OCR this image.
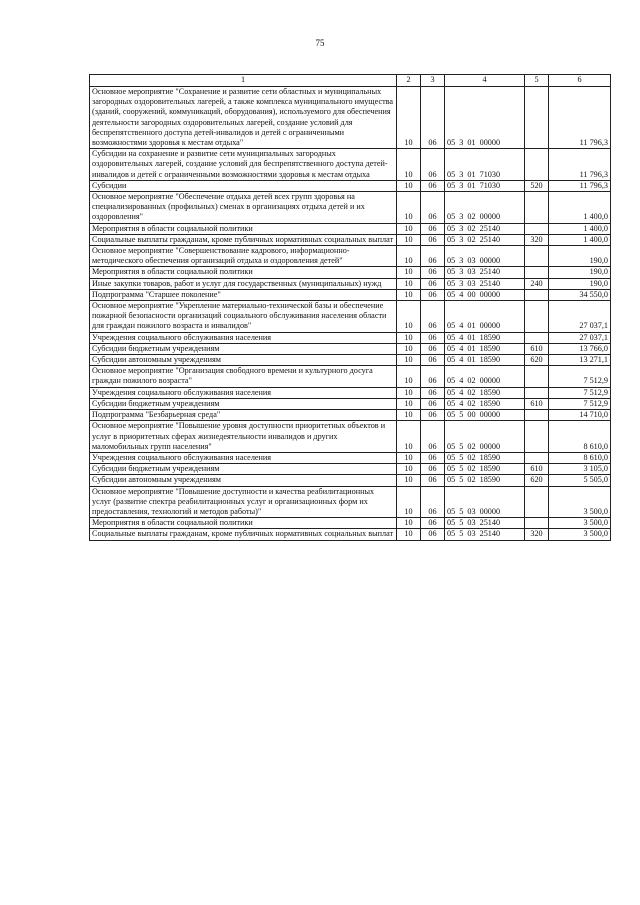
75
1	2	3	4	5	6
Основное мероприятие "Сохранение и развитие сети областных и муниципальных загородных оздоровительных лагерей, а также комплекса муниципального имущества (зданий, сооружений, коммуникаций, оборудования), используемого для обеспечения деятельности загородных оздоровительных лагерей, создание условий для беспрепятственного доступа детей-инвалидов и детей с ограниченными возможностями здоровья к местам отдыха"	10	06	05 3 01 00000		11 796,3
Субсидии на сохранение и развитие сети муниципальных загородных оздоровительных лагерей, создание условий для беспрепятственного доступа детей-инвалидов и детей с ограниченными возможностями здоровья к местам отдыха	10	06	05 3 01 71030		11 796,3
Субсидии	10	06	05 3 01 71030	520	11 796,3
Основное мероприятие "Обеспечение отдыха детей всех групп здоровья на специализированных (профильных) сменах в организациях отдыха детей и их оздоровления"	10	06	05 3 02 00000		1 400,0
Мероприятия в области социальной политики	10	06	05 3 02 25140		1 400,0
Социальные выплаты гражданам, кроме публичных нормативных социальных выплат	10	06	05 3 02 25140	320	1 400,0
Основное мероприятие "Совершенствование кадрового, информационно-методического обеспечения организаций отдыха и оздоровления детей"	10	06	05 3 03 00000		190,0
Мероприятия в области социальной политики	10	06	05 3 03 25140		190,0
Иные закупки товаров, работ и услуг для государственных (муниципальных) нужд	10	06	05 3 03 25140	240	190,0
Подпрограмма "Старшее поколение"	10	06	05 4 00 00000		34 550,0
Основное мероприятие "Укрепление материально-технической базы и обеспечение пожарной безопасности организаций социального обслуживания населения области для граждан пожилого возраста и инвалидов"	10	06	05 4 01 00000		27 037,1
Учреждения социального обслуживания населения	10	06	05 4 01 18590		27 037,1
Субсидии бюджетным учреждениям	10	06	05 4 01 18590	610	13 766,0
Субсидии автономным учреждениям	10	06	05 4 01 18590	620	13 271,1
Основное мероприятие "Организация свободного времени и культурного досуга граждан пожилого возраста"	10	06	05 4 02 00000		7 512,9
Учреждения социального обслуживания населения	10	06	05 4 02 18590		7 512,9
Субсидии бюджетным учреждениям	10	06	05 4 02 18590	610	7 512,9
Подпрограмма "Безбарьерная среда"	10	06	05 5 00 00000		14 710,0
Основное мероприятие "Повышение уровня доступности приоритетных объектов и услуг в приоритетных сферах жизнедеятельности инвалидов и других маломобильных групп населения"	10	06	05 5 02 00000		8 610,0
Учреждения социального обслуживания населения	10	06	05 5 02 18590		8 610,0
Субсидии бюджетным учреждениям	10	06	05 5 02 18590	610	3 105,0
Субсидии автономным учреждениям	10	06	05 5 02 18590	620	5 505,0
Основное мероприятие "Повышение доступности и качества реабилитационных услуг (развитие спектра реабилитационных услуг и организационных форм их предоставления, технологий и методов работы)"	10	06	05 5 03 00000		3 500,0
Мероприятия в области социальной политики	10	06	05 5 03 25140		3 500,0
Социальные выплаты гражданам, кроме публичных нормативных социальных выплат	10	06	05 5 03 25140	320	3 500,0
